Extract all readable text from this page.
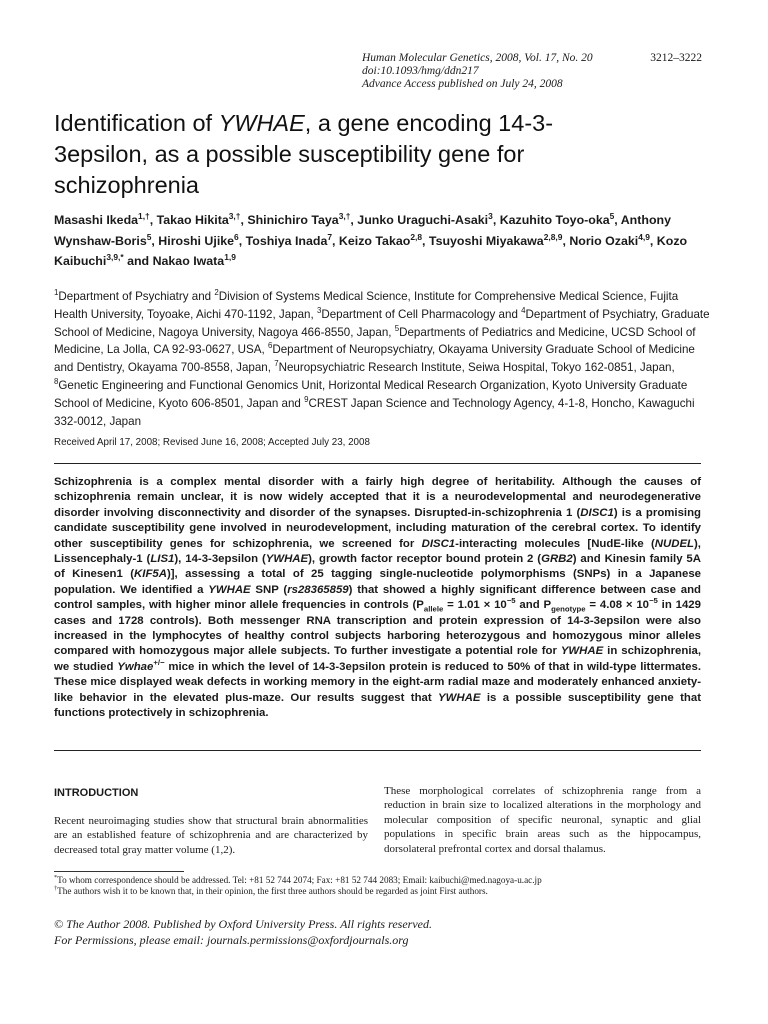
Human Molecular Genetics, 2008, Vol. 17, No. 20	3212–3222
doi:10.1093/hmg/ddn217
Advance Access published on July 24, 2008
Identification of YWHAE, a gene encoding 14-3-3epsilon, as a possible susceptibility gene for schizophrenia
Masashi Ikeda$^{1,\dagger}$, Takao Hikita$^{3,\dagger}$, Shinichiro Taya$^{3,\dagger}$, Junko Uraguchi-Asaki$^3$, Kazuhito Toyo-oka$^5$, Anthony Wynshaw-Boris$^5$, Hiroshi Ujike$^6$, Toshiya Inada$^7$, Keizo Takao$^{2,8}$, Tsuyoshi Miyakawa$^{2,8,9}$, Norio Ozaki$^{4,9}$, Kozo Kaibuchi$^{3,9,*}$ and Nakao Iwata$^{1,9}$
$^1$Department of Psychiatry and $^2$Division of Systems Medical Science, Institute for Comprehensive Medical Science, Fujita Health University, Toyoake, Aichi 470-1192, Japan, $^3$Department of Cell Pharmacology and $^4$Department of Psychiatry, Graduate School of Medicine, Nagoya University, Nagoya 466-8550, Japan, $^5$Departments of Pediatrics and Medicine, UCSD School of Medicine, La Jolla, CA 92-93-0627, USA, $^6$Department of Neuropsychiatry, Okayama University Graduate School of Medicine and Dentistry, Okayama 700-8558, Japan, $^7$Neuropsychiatric Research Institute, Seiwa Hospital, Tokyo 162-0851, Japan, $^8$Genetic Engineering and Functional Genomics Unit, Horizontal Medical Research Organization, Kyoto University Graduate School of Medicine, Kyoto 606-8501, Japan and $^9$CREST Japan Science and Technology Agency, 4-1-8, Honcho, Kawaguchi 332-0012, Japan
Received April 17, 2008; Revised June 16, 2008; Accepted July 23, 2008
Schizophrenia is a complex mental disorder with a fairly high degree of heritability. Although the causes of schizophrenia remain unclear, it is now widely accepted that it is a neurodevelopmental and neurodegenerative disorder involving disconnectivity and disorder of the synapses. Disrupted-in-schizophrenia 1 (DISC1) is a promising candidate susceptibility gene involved in neurodevelopment, including maturation of the cerebral cortex. To identify other susceptibility genes for schizophrenia, we screened for DISC1-interacting molecules [NudE-like (NUDEL), Lissencephaly-1 (LIS1), 14-3-3epsilon (YWHAE), growth factor receptor bound protein 2 (GRB2) and Kinesin family 5A of Kinesen1 (KIF5A)], assessing a total of 25 tagging single-nucleotide polymorphisms (SNPs) in a Japanese population. We identified a YWHAE SNP (rs28365859) that showed a highly significant difference between case and control samples, with higher minor allele frequencies in controls ($P_{allele} = 1.01 \times 10^{-5}$ and $P_{genotype} = 4.08 \times 10^{-5}$ in 1429 cases and 1728 controls). Both messenger RNA transcription and protein expression of 14-3-3epsilon were also increased in the lymphocytes of healthy control subjects harboring heterozygous and homozygous minor alleles compared with homozygous major allele subjects. To further investigate a potential role for YWHAE in schizophrenia, we studied Ywhae+/− mice in which the level of 14-3-3epsilon protein is reduced to 50% of that in wild-type littermates. These mice displayed weak defects in working memory in the eight-arm radial maze and moderately enhanced anxiety-like behavior in the elevated plus-maze. Our results suggest that YWHAE is a possible susceptibility gene that functions protectively in schizophrenia.
INTRODUCTION
Recent neuroimaging studies show that structural brain abnormalities are an established feature of schizophrenia and are characterized by decreased total gray matter volume (1,2).
These morphological correlates of schizophrenia range from a reduction in brain size to localized alterations in the morphology and molecular composition of specific neuronal, synaptic and glial populations in specific brain areas such as the hippocampus, dorsolateral prefrontal cortex and dorsal thalamus.
*To whom correspondence should be addressed. Tel: +81 52 744 2074; Fax: +81 52 744 2083; Email: kaibuchi@med.nagoya-u.ac.jp
†The authors wish it to be known that, in their opinion, the first three authors should be regarded as joint First authors.
© The Author 2008. Published by Oxford University Press. All rights reserved.
For Permissions, please email: journals.permissions@oxfordjournals.org
